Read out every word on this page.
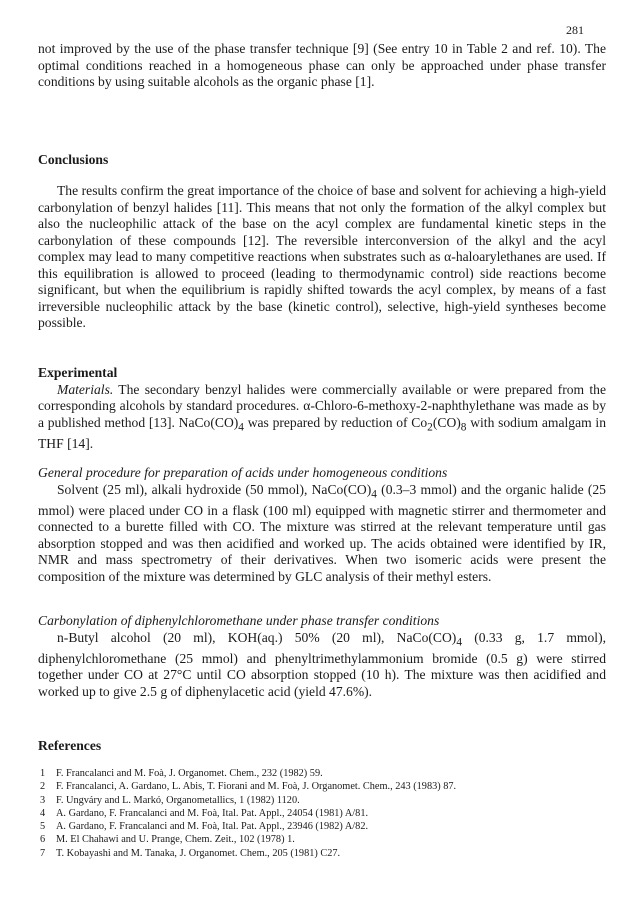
281

not improved by the use of the phase transfer technique [9] (See entry 10 in Table 2 and ref. 10). The optimal conditions reached in a homogeneous phase can only be approached under phase transfer conditions by using suitable alcohols as the organic phase [1].

Conclusions

The results confirm the great importance of the choice of base and solvent for achieving a high-yield carbonylation of benzyl halides [11]. This means that not only the formation of the alkyl complex but also the nucleophilic attack of the base on the acyl complex are fundamental kinetic steps in the carbonylation of these compounds [12]. The reversible interconversion of the alkyl and the acyl complex may lead to many competitive reactions when substrates such as α-haloarylethanes are used. If this equilibration is allowed to proceed (leading to thermodynamic control) side reactions become significant, but when the equilibrium is rapidly shifted towards the acyl complex, by means of a fast irreversible nucleophilic attack by the base (kinetic control), selective, high-yield syntheses become possible.

Experimental

Materials. The secondary benzyl halides were commercially available or were prepared from the corresponding alcohols by standard procedures. α-Chloro-6-methoxy-2-naphthylethane was made as by a published method [13]. $NaCo(CO)_4$ was prepared by reduction of $Co_2(CO)_8$ with sodium amalgam in THF [14].

General procedure for preparation of acids under homogeneous conditions

Solvent (25 ml), alkali hydroxide (50 mmol), $NaCo(CO)_4$ (0.3–3 mmol) and the organic halide (25 mmol) were placed under CO in a flask (100 ml) equipped with magnetic stirrer and thermometer and connected to a burette filled with CO. The mixture was stirred at the relevant temperature until gas absorption stopped and was then acidified and worked up. The acids obtained were identified by IR, NMR and mass spectrometry of their derivatives. When two isomeric acids were present the composition of the mixture was determined by GLC analysis of their methyl esters.

Carbonylation of diphenylchloromethane under phase transfer conditions

n-Butyl alcohol (20 ml), KOH(aq.) 50% (20 ml), $NaCo(CO)_4$ (0.33 g, 1.7 mmol), diphenylchloromethane (25 mmol) and phenyltrimethylammonium bromide (0.5 g) were stirred together under CO at 27°C until CO absorption stopped (10 h). The mixture was then acidified and worked up to give 2.5 g of diphenylacetic acid (yield 47.6%).

References
1 F. Francalanci and M. Foà, J. Organomet. Chem., 232 (1982) 59.
2 F. Francalanci, A. Gardano, L. Abis, T. Fiorani and M. Foà, J. Organomet. Chem., 243 (1983) 87.
3 F. Ungváry and L. Markó, Organometallics, 1 (1982) 1120.
4 A. Gardano, F. Francalanci and M. Foà, Ital. Pat. Appl., 24054 (1981) A/81.
5 A. Gardano, F. Francalanci and M. Foà, Ital. Pat. Appl., 23946 (1982) A/82.
6 M. El Chahawi and U. Prange, Chem. Zeit., 102 (1978) 1.
7 T. Kobayashi and M. Tanaka, J. Organomet. Chem., 205 (1981) C27.
